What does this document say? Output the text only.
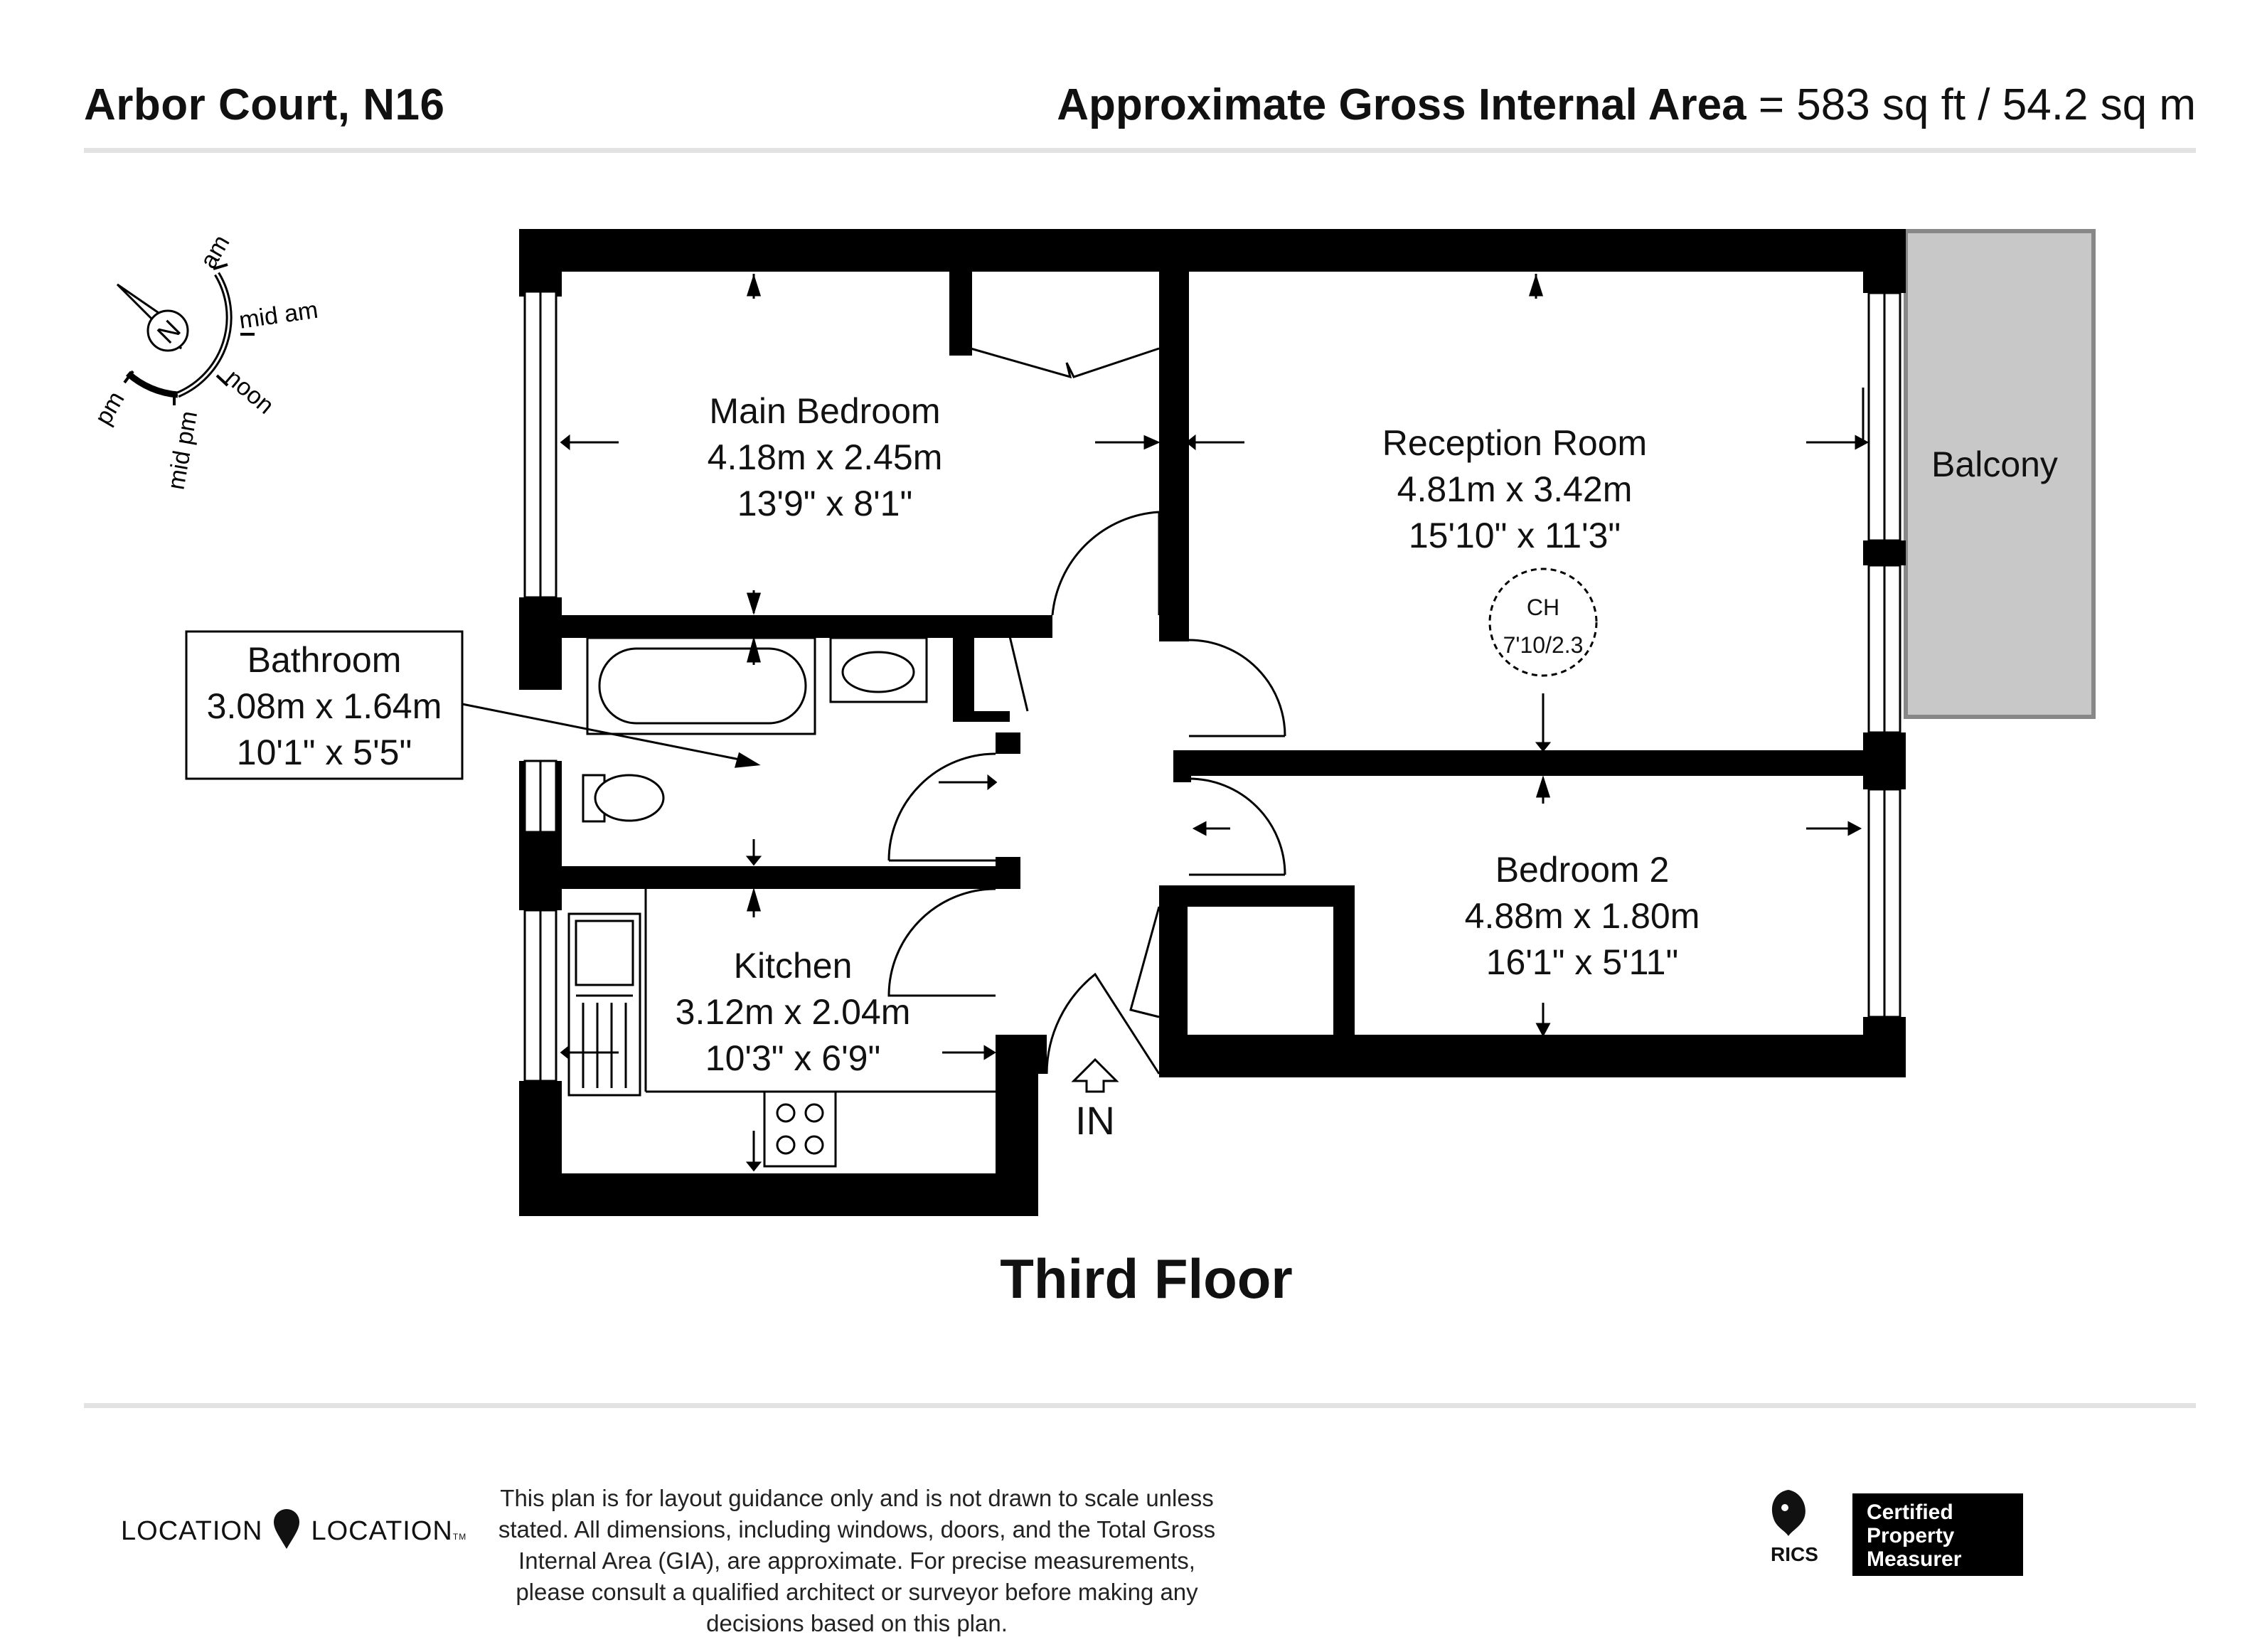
Arbor Court, N16	Approximate Gross Internal Area = 583 sq ft / 54.2 sq m
N
am
mid am
noon
mid pm
pm	Main Bedroom
4.18m x 2.45m
13'9" x 8'1"
Reception Room
4.81m x 3.42m
15'10" x 11'3"
Balcony
Bathroom
3.08m x 1.64m
10'1" x 5'5"
Bedroom 2
4.88m x 1.80m
16'1" x 5'11"
Kitchen
3.12m x 2.04m
10'3" x 6'9"
IN
CH
7'10/2.3
Third Floor
LOCATION LOCATIONTM
This plan is for layout guidance only and is not drawn to scale unless stated. All dimensions, including windows, doors, and the Total Gross Internal Area (GIA), are approximate. For precise measurements, please consult a qualified architect or surveyor before making any decisions based on this plan.
RICS
Certified
Property
Measurer
